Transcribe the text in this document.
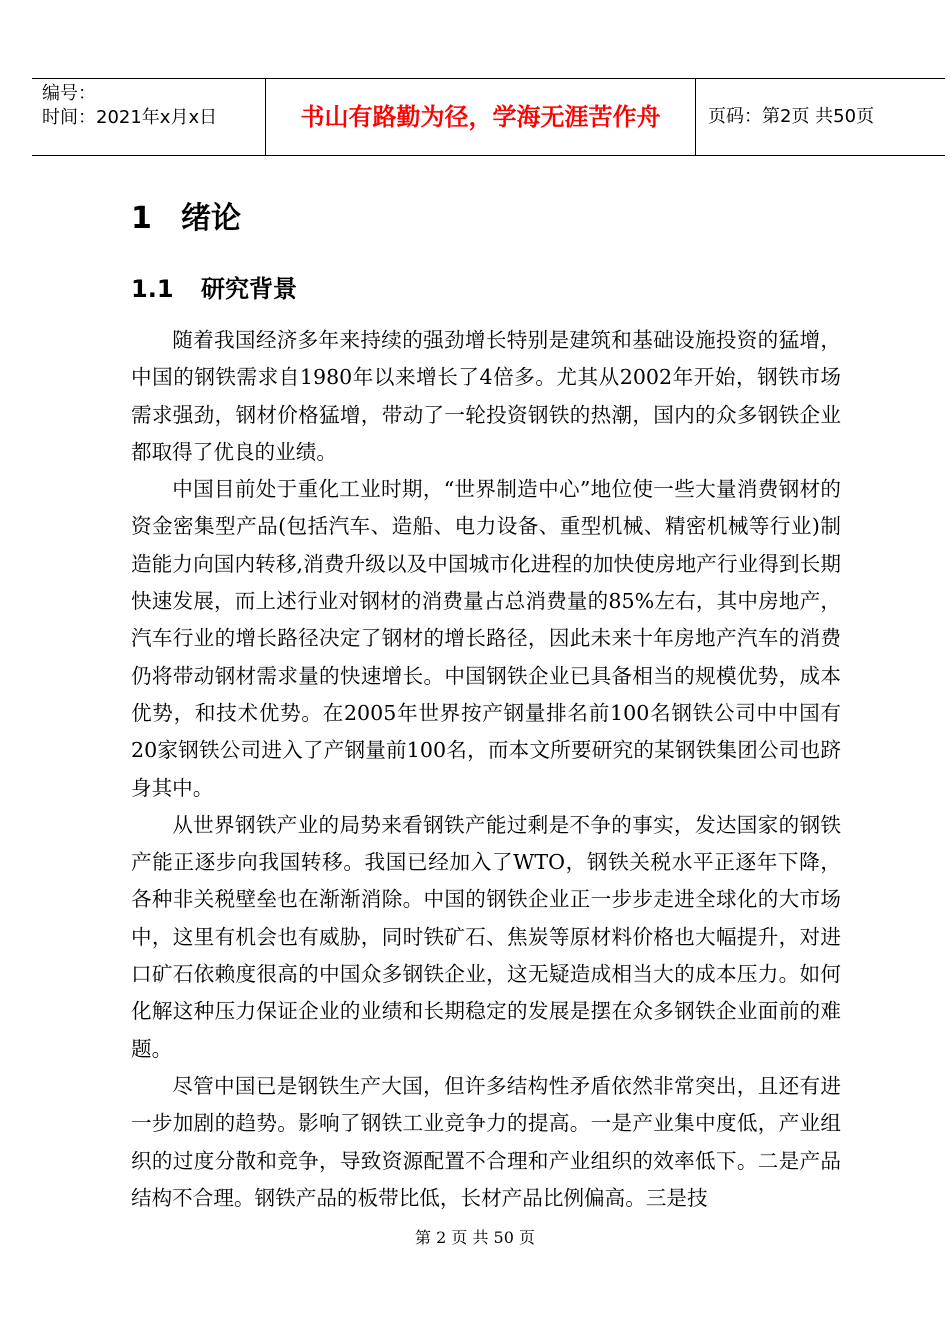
编号：
时间：2021年x月x日	书山有路勤为径，学海无涯苦作舟	页码：第2页 共50页
1 绪论
1.1 研究背景

随着我国经济多年来持续的强劲增长特别是建筑和基础设施投资的猛增，中国的钢铁需求自1980年以来增长了4倍多。尤其从2002年开始，钢铁市场需求强劲，钢材价格猛增，带动了一轮投资钢铁的热潮，国内的众多钢铁企业都取得了优良的业绩。

中国目前处于重化工业时期，“世界制造中心”地位使一些大量消费钢材的资金密集型产品(包括汽车、造船、电力设备、重型机械、精密机械等行业)制造能力向国内转移,消费升级以及中国城市化进程的加快使房地产行业得到长期快速发展，而上述行业对钢材的消费量占总消费量的85%左右，其中房地产，汽车行业的增长路径决定了钢材的增长路径，因此未来十年房地产汽车的消费仍将带动钢材需求量的快速增长。中国钢铁企业已具备相当的规模优势，成本优势，和技术优势。在2005年世界按产钢量排名前100名钢铁公司中中国有20家钢铁公司进入了产钢量前100名，而本文所要研究的某钢铁集团公司也跻身其中。

从世界钢铁产业的局势来看钢铁产能过剩是不争的事实，发达国家的钢铁产能正逐步向我国转移。我国已经加入了WTO，钢铁关税水平正逐年下降，各种非关税壁垒也在渐渐消除。中国的钢铁企业正一步步走进全球化的大市场中，这里有机会也有威胁，同时铁矿石、焦炭等原材料价格也大幅提升，对进口矿石依赖度很高的中国众多钢铁企业，这无疑造成相当大的成本压力。如何化解这种压力保证企业的业绩和长期稳定的发展是摆在众多钢铁企业面前的难题。

尽管中国已是钢铁生产大国，但许多结构性矛盾依然非常突出，且还有进一步加剧的趋势。影响了钢铁工业竞争力的提高。一是产业集中度低，产业组织的过度分散和竞争，导致资源配置不合理和产业组织的效率低下。二是产品结构不合理。钢铁产品的板带比低，长材产品比例偏高。三是技

第 2 页 共 50 页
